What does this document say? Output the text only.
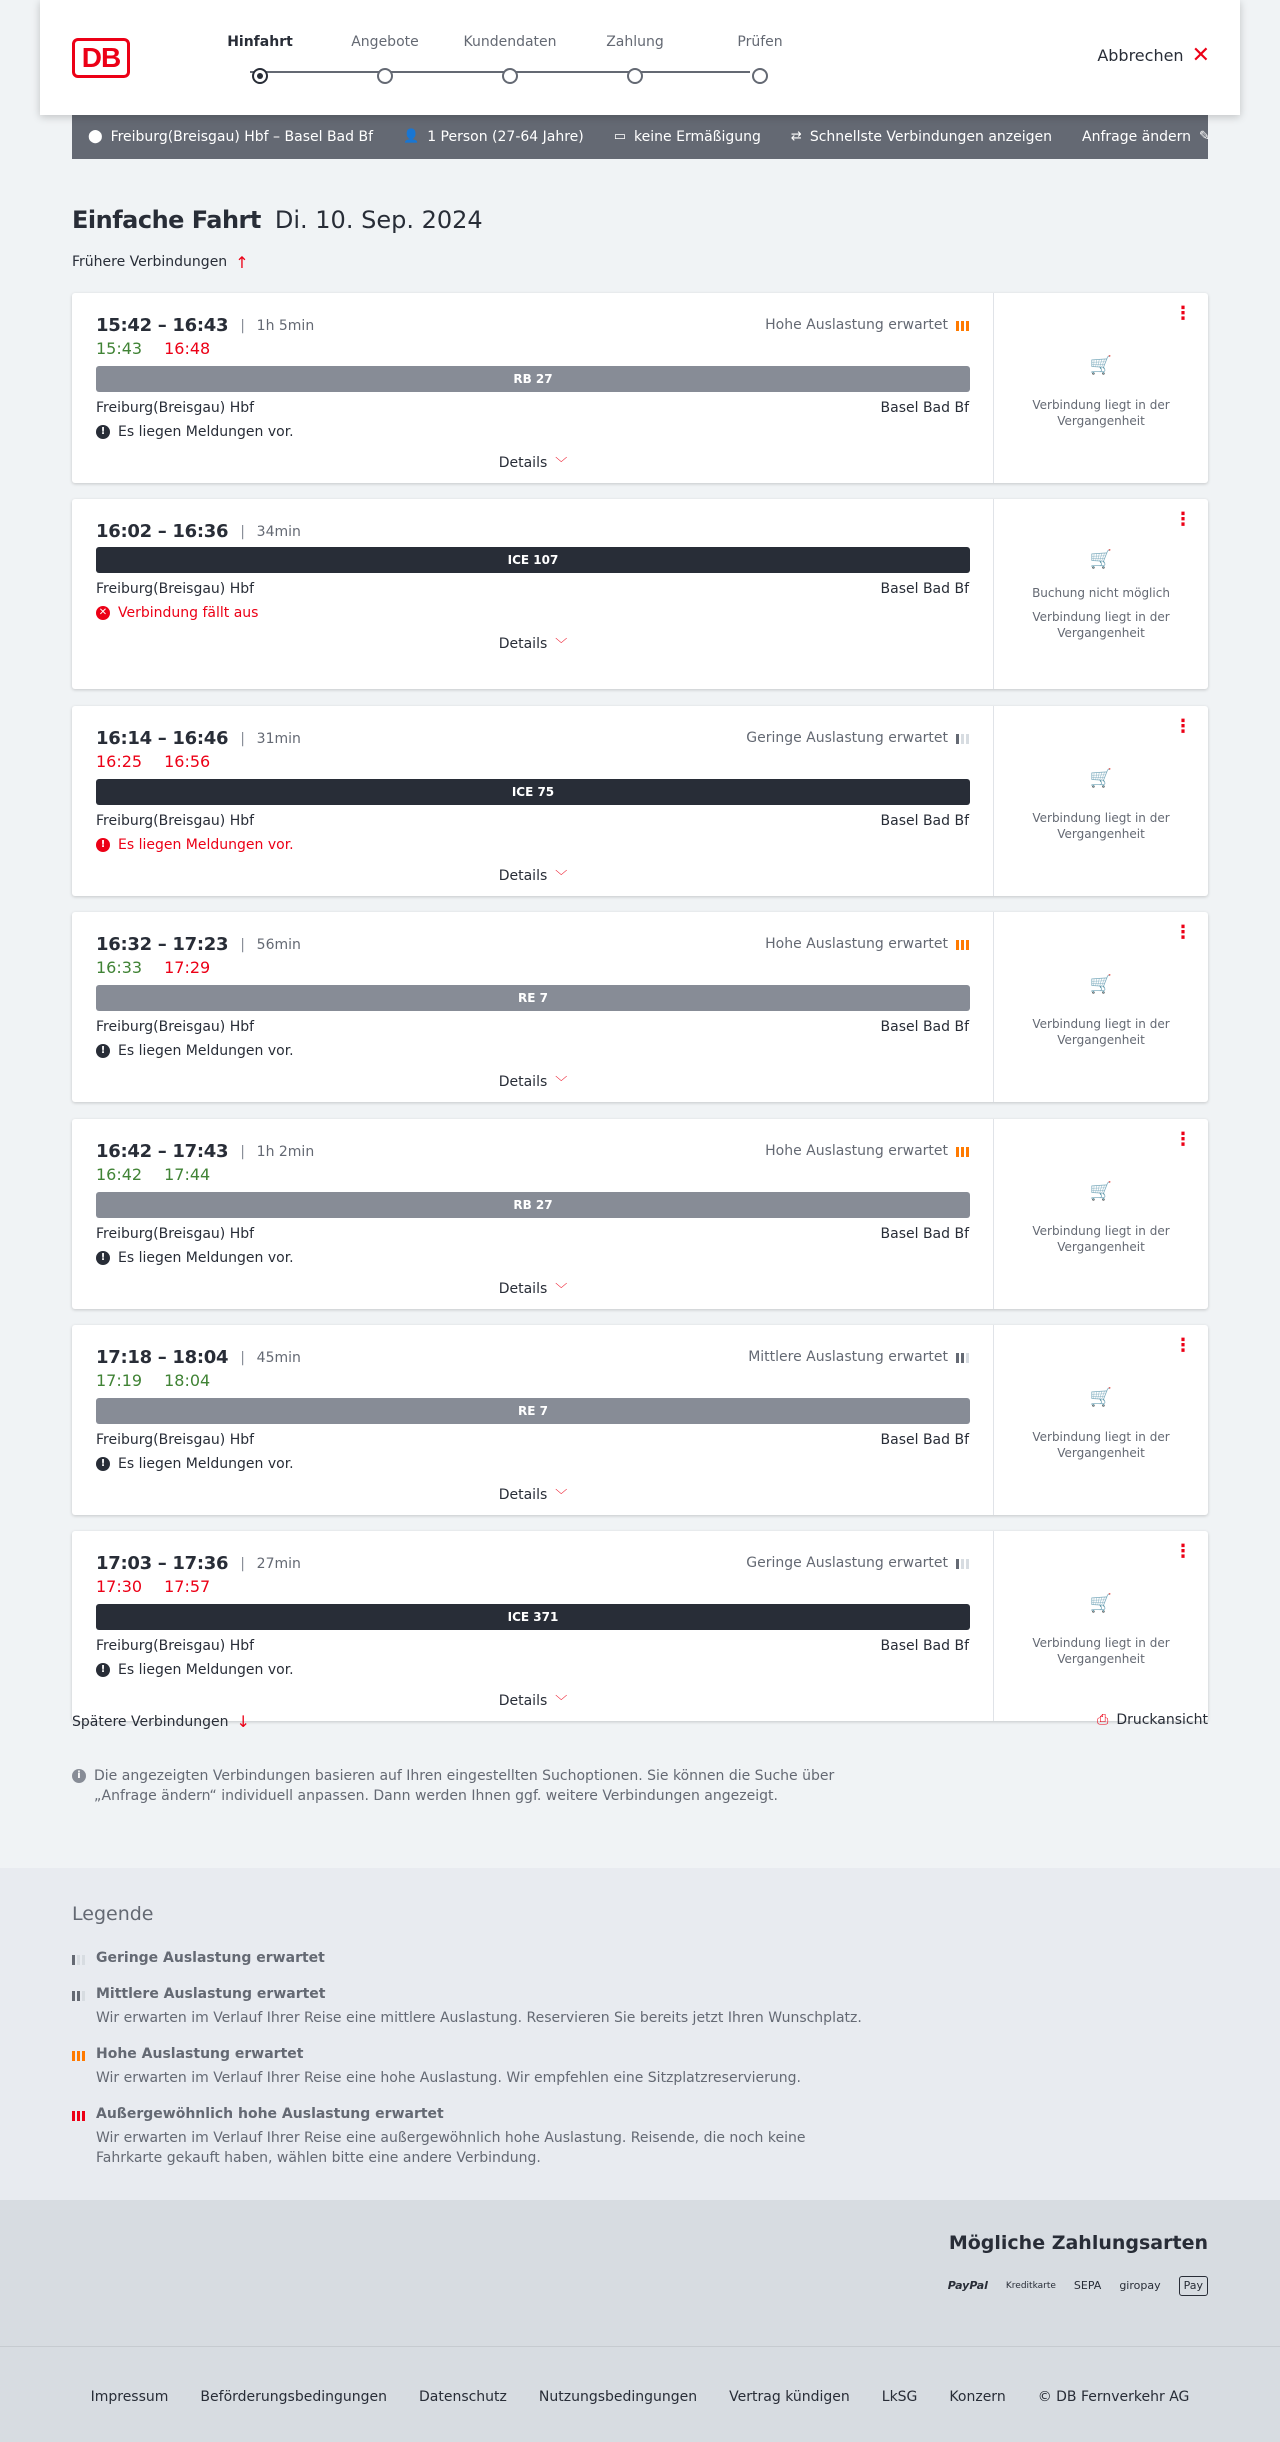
DB	Hinfahrt	Angebote	Kundendaten	Zahlung	Prüfen
Abbrechen ✕
⬤ Freiburg(Breisgau) Hbf – Basel Bad Bf 👤 1 Person (27-64 Jahre) ▭ keine Ermäßigung ⇄ Schnellste Verbindungen anzeigen Anfrage ändern ✎
Einfache Fahrt Di. 10. Sep. 2024
Frühere Verbindungen ↑
15:42 – 16:43 | 1h 5min	Hohe Auslastung erwartet
15:43 16:48
RB 27
Freiburg(Breisgau) Hbf	Basel Bad Bf
! Es liegen Meldungen vor.
Details ﹀
⋮
🛒
Verbindung liegt in der Vergangenheit
16:02 – 16:36 | 34min
ICE 107
Freiburg(Breisgau) Hbf	Basel Bad Bf
✕ Verbindung fällt aus
Details ﹀
⋮
🛒
Buchung nicht möglich
Verbindung liegt in der Vergangenheit
16:14 – 16:46 | 31min	Geringe Auslastung erwartet
16:25 16:56
ICE 75
Freiburg(Breisgau) Hbf	Basel Bad Bf
! Es liegen Meldungen vor.
Details ﹀
⋮
🛒
Verbindung liegt in der Vergangenheit
16:32 – 17:23 | 56min	Hohe Auslastung erwartet
16:33 17:29
RE 7
Freiburg(Breisgau) Hbf	Basel Bad Bf
! Es liegen Meldungen vor.
Details ﹀
⋮
🛒
Verbindung liegt in der Vergangenheit
16:42 – 17:43 | 1h 2min	Hohe Auslastung erwartet
16:42 17:44
RB 27
Freiburg(Breisgau) Hbf	Basel Bad Bf
! Es liegen Meldungen vor.
Details ﹀
⋮
🛒
Verbindung liegt in der Vergangenheit
17:18 – 18:04 | 45min	Mittlere Auslastung erwartet
17:19 18:04
RE 7
Freiburg(Breisgau) Hbf	Basel Bad Bf
! Es liegen Meldungen vor.
Details ﹀
⋮
🛒
Verbindung liegt in der Vergangenheit
17:03 – 17:36 | 27min	Geringe Auslastung erwartet
17:30 17:57
ICE 371
Freiburg(Breisgau) Hbf	Basel Bad Bf
! Es liegen Meldungen vor.
Details ﹀
⋮
🛒
Verbindung liegt in der Vergangenheit
Spätere Verbindungen ↓	⎙ Druckansicht
i Die angezeigten Verbindungen basieren auf Ihren eingestellten Suchoptionen. Sie können die Suche über „Anfrage ändern“ individuell anpassen. Dann werden Ihnen ggf. weitere Verbindungen angezeigt.
Legende
Geringe Auslastung erwartet
Mittlere Auslastung erwartet
Wir erwarten im Verlauf Ihrer Reise eine mittlere Auslastung. Reservieren Sie bereits jetzt Ihren Wunschplatz.
Hohe Auslastung erwartet
Wir erwarten im Verlauf Ihrer Reise eine hohe Auslastung. Wir empfehlen eine Sitzplatzreservierung.
Außergewöhnlich hohe Auslastung erwartet
Wir erwarten im Verlauf Ihrer Reise eine außergewöhnlich hohe Auslastung. Reisende, die noch keine Fahrkarte gekauft haben, wählen bitte eine andere Verbindung.
Mögliche Zahlungsarten
PayPal Kreditkarte SEPA giropay	Pay
Impressum Beförderungsbedingungen Datenschutz Nutzungsbedingungen Vertrag kündigen LkSG Konzern © DB Fernverkehr AG
